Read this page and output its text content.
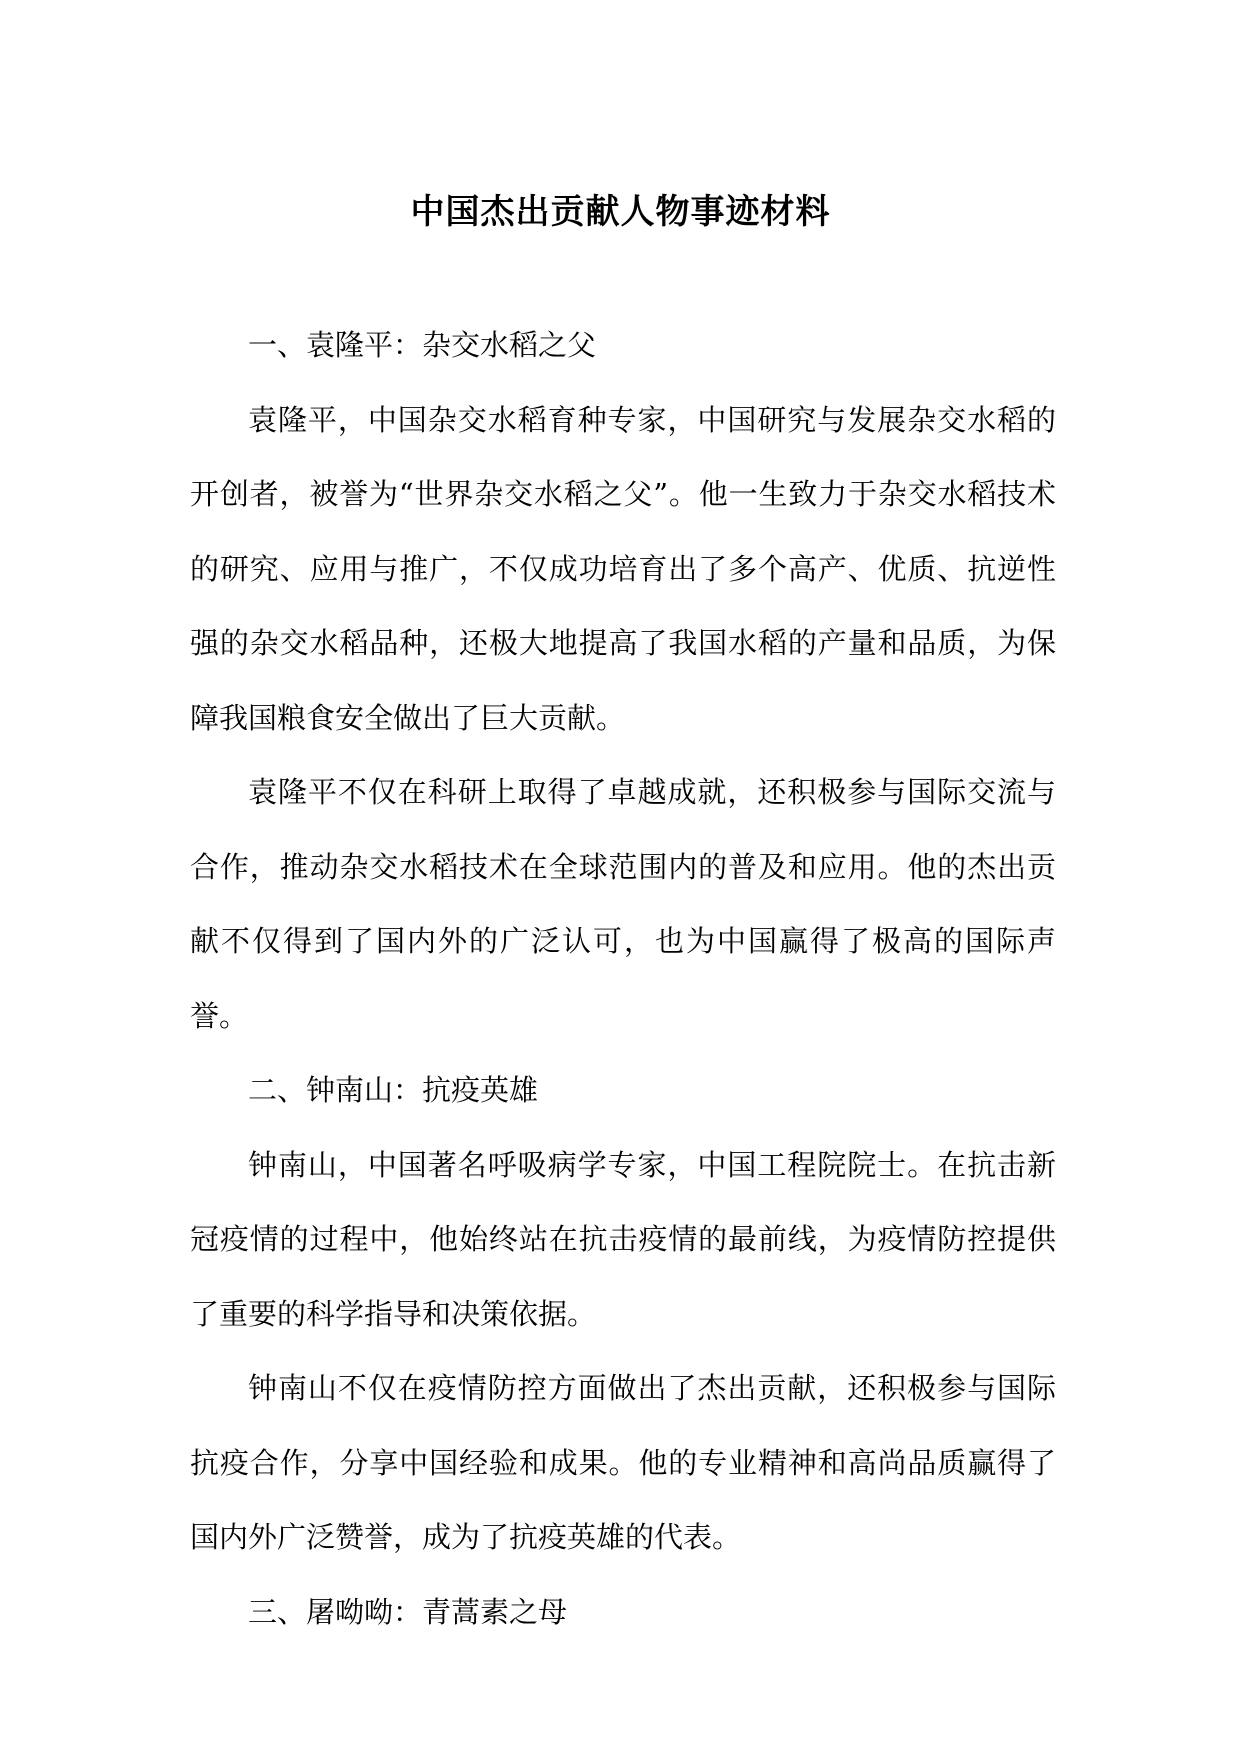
中国杰出贡献人物事迹材料

一、袁隆平：杂交水稻之父

袁隆平，中国杂交水稻育种专家，中国研究与发展杂交水稻的开创者，被誉为“世界杂交水稻之父”。他一生致力于杂交水稻技术的研究、应用与推广，不仅成功培育出了多个高产、优质、抗逆性强的杂交水稻品种，还极大地提高了我国水稻的产量和品质，为保障我国粮食安全做出了巨大贡献。

袁隆平不仅在科研上取得了卓越成就，还积极参与国际交流与合作，推动杂交水稻技术在全球范围内的普及和应用。他的杰出贡献不仅得到了国内外的广泛认可，也为中国赢得了极高的国际声誉。

二、钟南山：抗疫英雄

钟南山，中国著名呼吸病学专家，中国工程院院士。在抗击新冠疫情的过程中，他始终站在抗击疫情的最前线，为疫情防控提供了重要的科学指导和决策依据。

钟南山不仅在疫情防控方面做出了杰出贡献，还积极参与国际抗疫合作，分享中国经验和成果。他的专业精神和高尚品质赢得了国内外广泛赞誉，成为了抗疫英雄的代表。

三、屠呦呦：青蒿素之母
